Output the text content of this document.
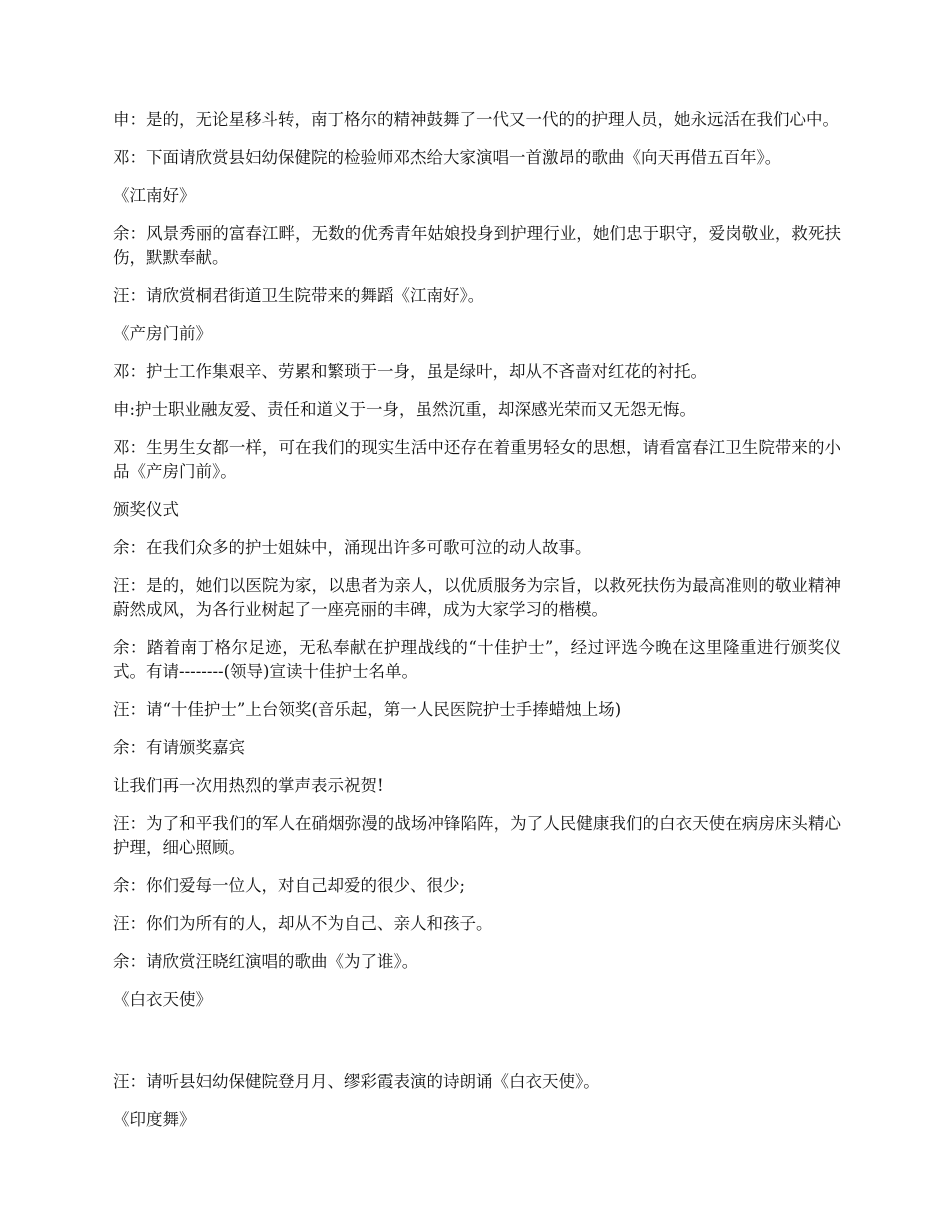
申：是的，无论星移斗转，南丁格尔的精神鼓舞了一代又一代的的护理人员，她永远活在我们心中。

邓：下面请欣赏县妇幼保健院的检验师邓杰给大家演唱一首激昂的歌曲《向天再借五百年》。

《江南好》

余：风景秀丽的富春江畔，无数的优秀青年姑娘投身到护理行业，她们忠于职守，爱岗敬业，救死扶伤，默默奉献。

汪：请欣赏桐君街道卫生院带来的舞蹈《江南好》。

《产房门前》

邓：护士工作集艰辛、劳累和繁琐于一身，虽是绿叶，却从不吝啬对红花的衬托。

申:护士职业融友爱、责任和道义于一身，虽然沉重，却深感光荣而又无怨无悔。

邓：生男生女都一样，可在我们的现实生活中还存在着重男轻女的思想，请看富春江卫生院带来的小品《产房门前》。

颁奖仪式

余：在我们众多的护士姐妹中，涌现出许多可歌可泣的动人故事。

汪：是的，她们以医院为家，以患者为亲人，以优质服务为宗旨，以救死扶伤为最高准则的敬业精神蔚然成风，为各行业树起了一座亮丽的丰碑，成为大家学习的楷模。

余：踏着南丁格尔足迹，无私奉献在护理战线的“十佳护士”，经过评选今晚在这里隆重进行颁奖仪式。有请--------(领导)宣读十佳护士名单。

汪：请“十佳护士”上台领奖(音乐起，第一人民医院护士手捧蜡烛上场)

余：有请颁奖嘉宾

让我们再一次用热烈的掌声表示祝贺!

汪：为了和平我们的军人在硝烟弥漫的战场冲锋陷阵，为了人民健康我们的白衣天使在病房床头精心护理，细心照顾。

余：你们爱每一位人，对自己却爱的很少、很少;

汪：你们为所有的人，却从不为自己、亲人和孩子。

余：请欣赏汪晓红演唱的歌曲《为了谁》。

《白衣天使》

汪：请听县妇幼保健院登月月、缪彩霞表演的诗朗诵《白衣天使》。

《印度舞》
